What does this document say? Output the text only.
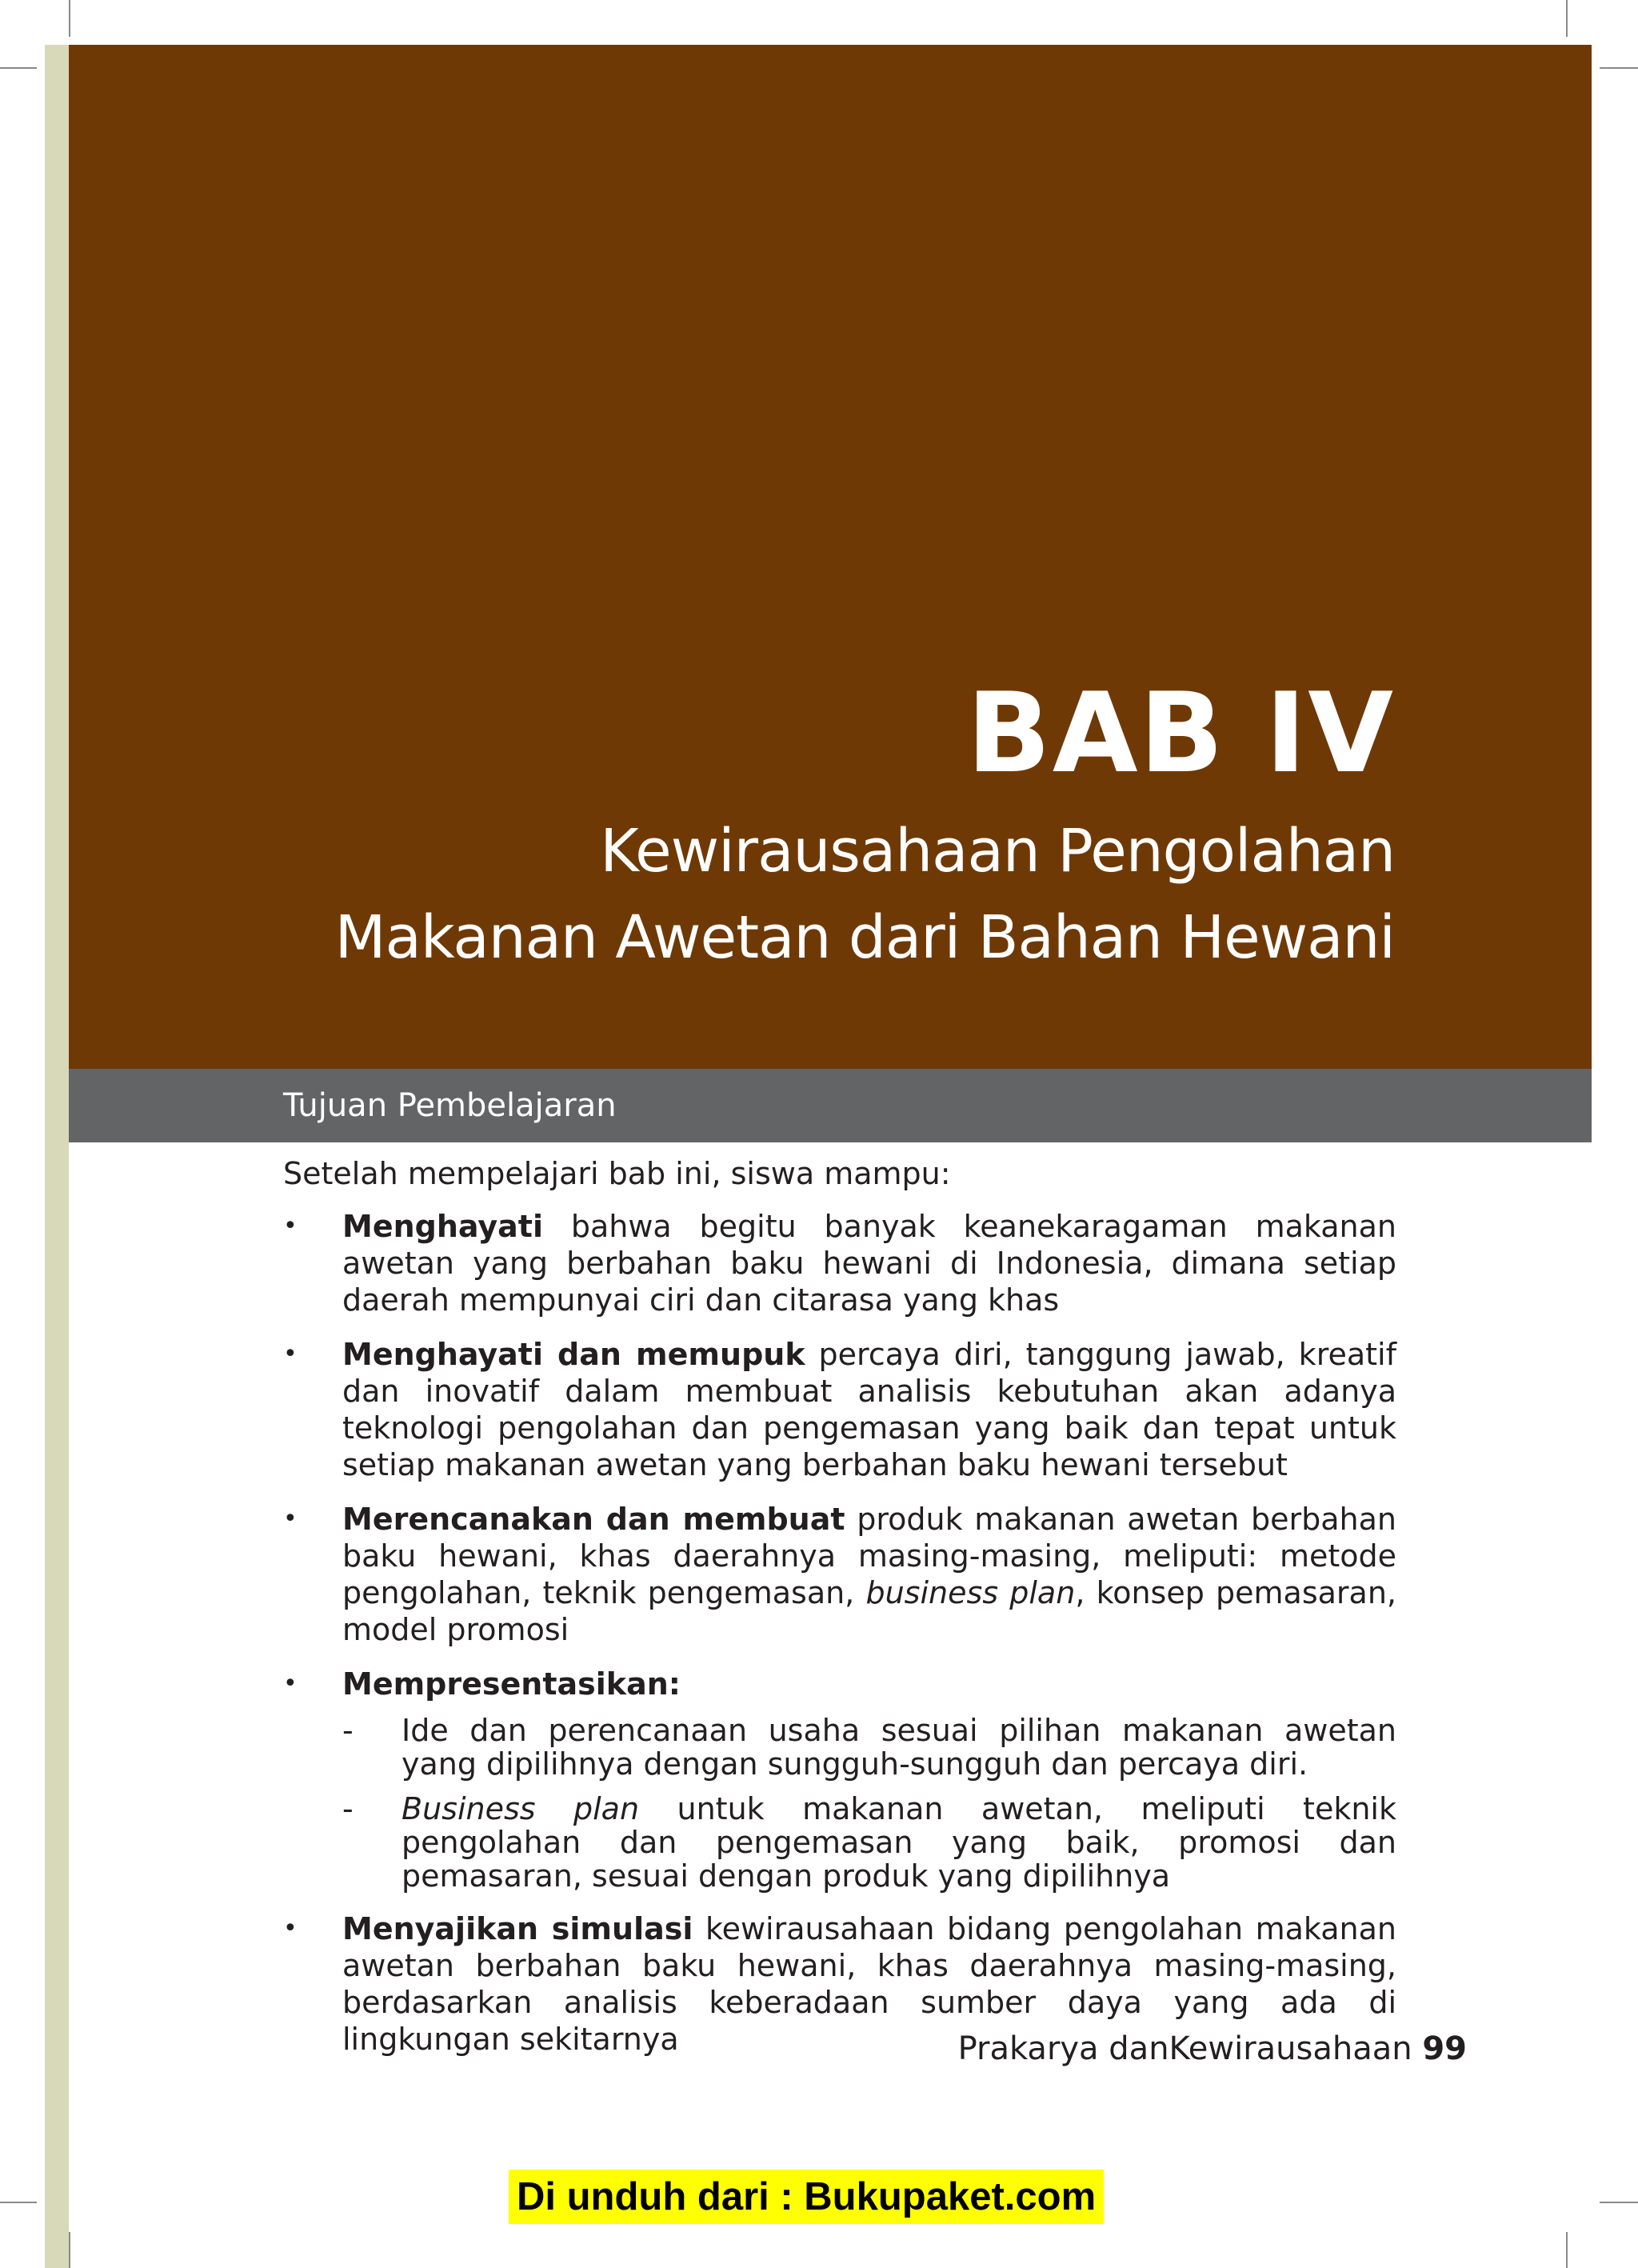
BAB IV
Kewirausahaan Pengolahan
Makanan Awetan dari Bahan Hewani
Tujuan Pembelajaran

Setelah mempelajari bab ini, siswa mampu:

• Menghayati bahwa begitu banyak keanekaragaman makanan awetan yang berbahan baku hewani di Indonesia, dimana setiap daerah mempunyai ciri dan citarasa yang khas
• Menghayati dan memupuk percaya diri, tanggung jawab, kreatif dan inovatif dalam membuat analisis kebutuhan akan adanya teknologi pengolahan dan pengemasan yang baik dan tepat untuk setiap makanan awetan yang berbahan baku hewani tersebut
• Merencanakan dan membuat produk makanan awetan berbahan baku hewani, khas daerahnya masing-masing, meliputi: metode pengolahan, teknik pengemasan, business plan, konsep pemasaran, model promosi
• Mempresentasikan:
- Ide dan perencanaan usaha sesuai pilihan makanan awetan yang dipilihnya dengan sungguh-sungguh dan percaya diri.
- Business plan untuk makanan awetan, meliputi teknik pengolahan dan pengemasan yang baik, promosi dan pemasaran, sesuai dengan produk yang dipilihnya
• Menyajikan simulasi kewirausahaan bidang pengolahan makanan awetan berbahan baku hewani, khas daerahnya masing-masing, berdasarkan analisis keberadaan sumber daya yang ada di lingkungan sekitarnya	Prakarya danKewirausahaan 99

Di unduh dari : Bukupaket.com
